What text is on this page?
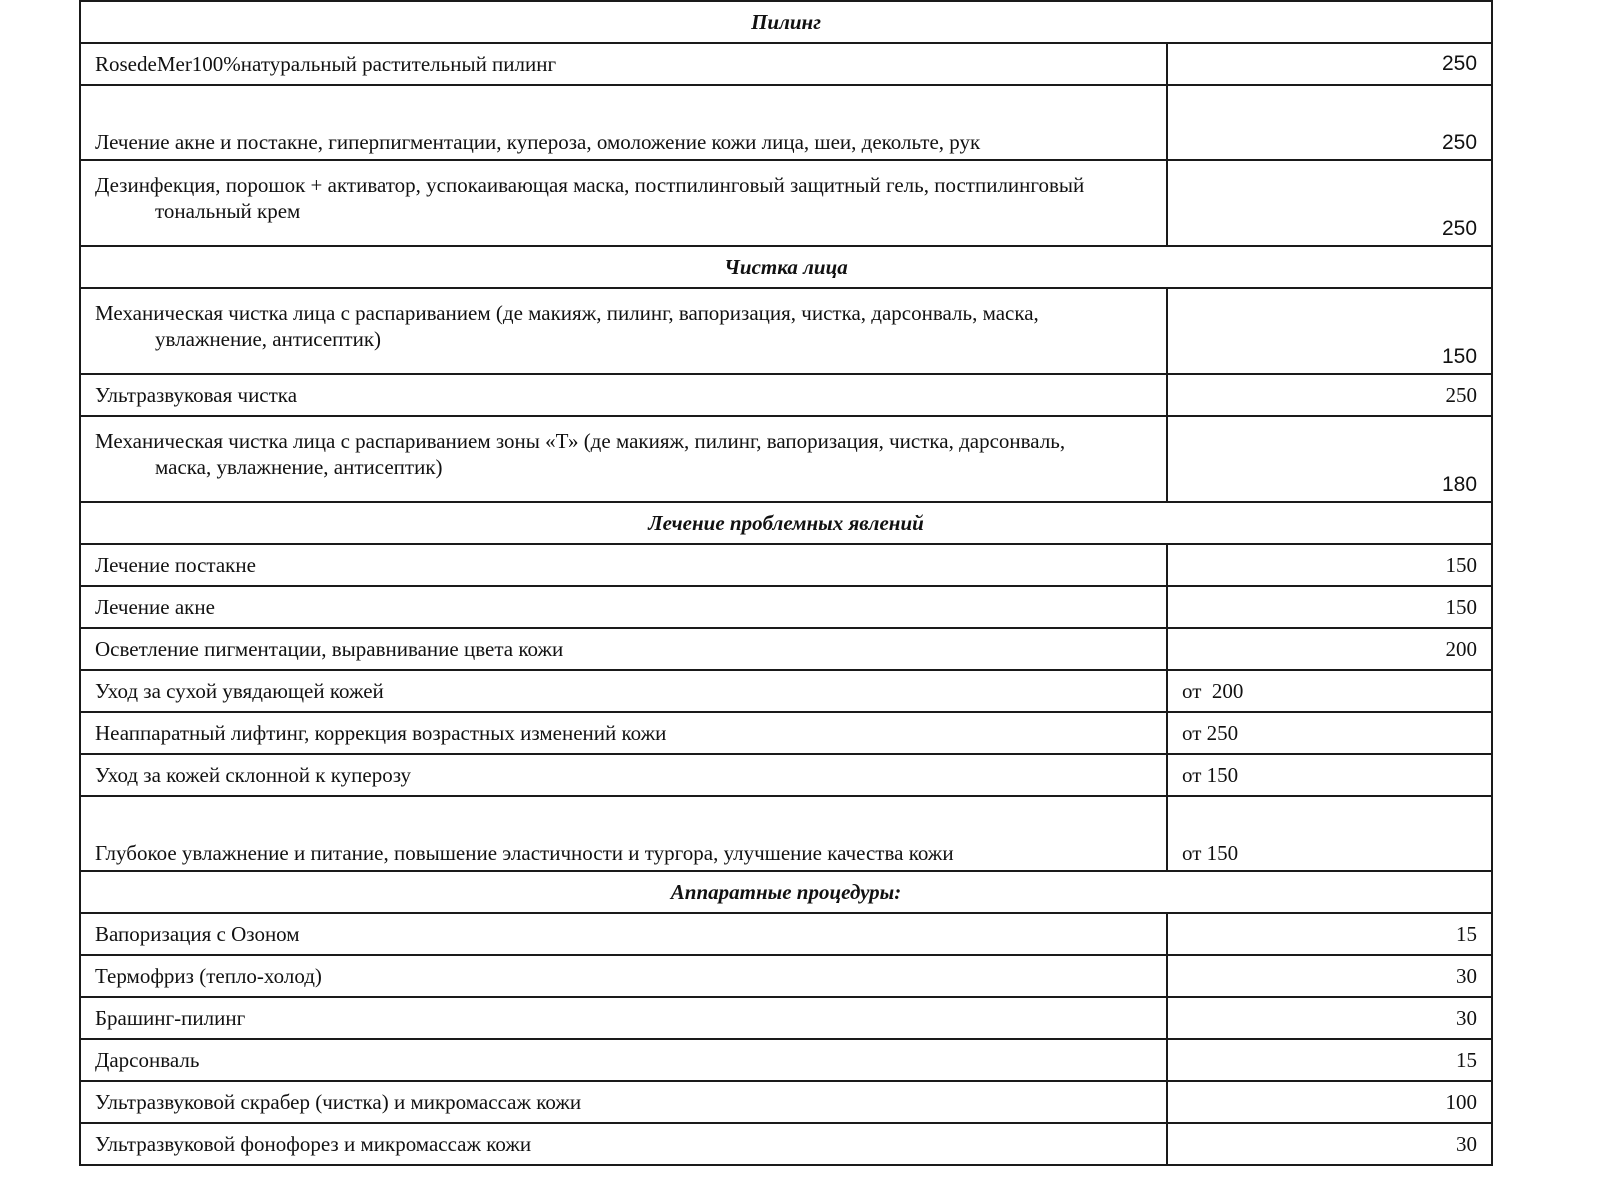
Пилинг	
RosedeMer100%натуральный растительный пилинг	250
Лечение акне и постакне, гиперпигментации, купероза, омоложение кожи лица, шеи, декольте, рук	250
Дезинфекция, порошок + активатор, успокаивающая маска, постпилинговый защитный гель, постпилинговый
тональный крем	250
Чистка лица	
Механическая чистка лица с распариванием (де макияж, пилинг, вапоризация, чистка, дарсонваль, маска,
увлажнение, антисептик)	150
Ультразвуковая чистка	250
Механическая чистка лица с распариванием зоны «Т» (де макияж, пилинг, вапоризация, чистка, дарсонваль,
маска, увлажнение, антисептик)	180
Лечение проблемных явлений	
Лечение постакне	150
Лечение акне	150
Осветление пигментации, выравнивание цвета кожи	200
Уход за сухой увядающей кожей	от  200
Неаппаратный лифтинг, коррекция возрастных изменений кожи	от 250
Уход за кожей склонной к куперозу	от 150
Глубокое увлажнение и питание, повышение эластичности и тургора, улучшение качества кожи	от 150
Аппаратные процедуры:	
Вапоризация с Озоном	15
Термофриз (тепло-холод)	30
Брашинг-пилинг	30
Дарсонваль	15
Ультразвуковой скрабер (чистка) и микромассаж кожи	100
Ультразвуковой фонофорез и микромассаж кожи	30
